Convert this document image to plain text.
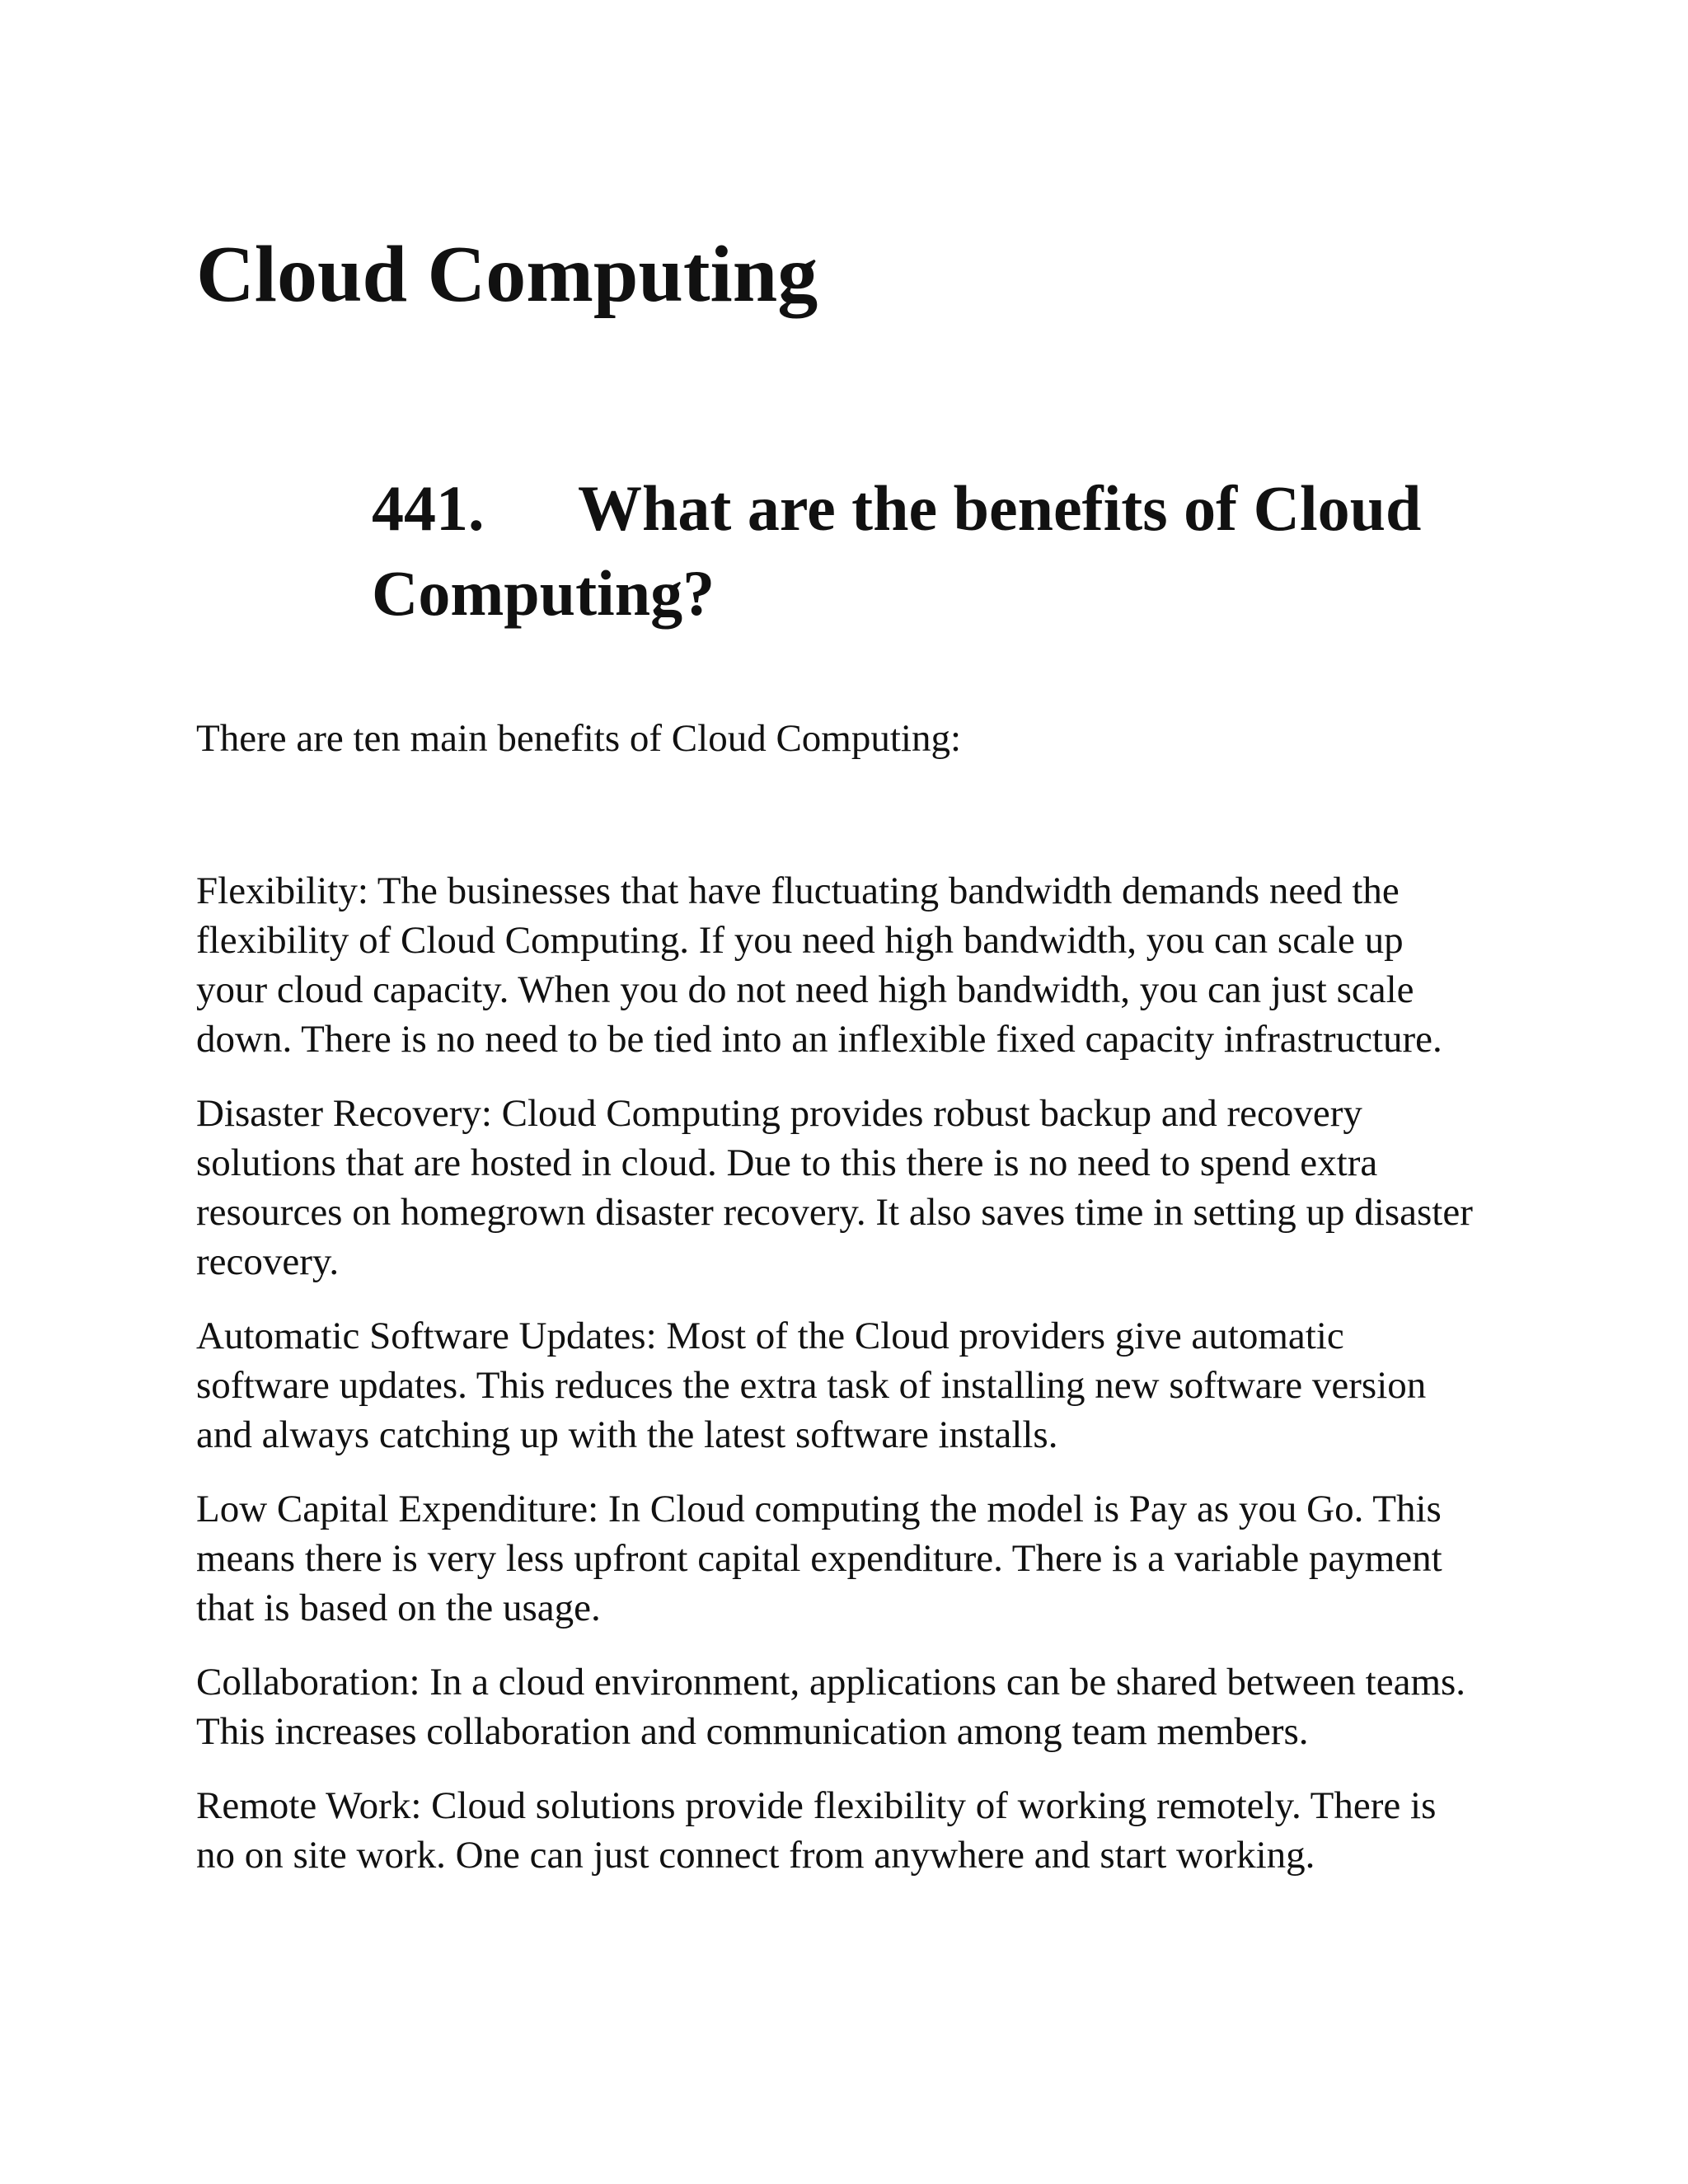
Cloud Computing
441. What are the benefits of Cloud Computing?

There are ten main benefits of Cloud Computing:

Flexibility: The businesses that have fluctuating bandwidth demands need the flexibility of Cloud Computing. If you need high bandwidth, you can scale up your cloud capacity. When you do not need high bandwidth, you can just scale down. There is no need to be tied into an inflexible fixed capacity infrastructure.
Disaster Recovery: Cloud Computing provides robust backup and recovery solutions that are hosted in cloud. Due to this there is no need to spend extra resources on homegrown disaster recovery. It also saves time in setting up disaster recovery.
Automatic Software Updates: Most of the Cloud providers give automatic software updates. This reduces the extra task of installing new software version and always catching up with the latest software installs.
Low Capital Expenditure: In Cloud computing the model is Pay as you Go. This means there is very less upfront capital expenditure. There is a variable payment that is based on the usage.
Collaboration: In a cloud environment, applications can be shared between teams. This increases collaboration and communication among team members.
Remote Work: Cloud solutions provide flexibility of working remotely. There is no on site work. One can just connect from anywhere and start working.
